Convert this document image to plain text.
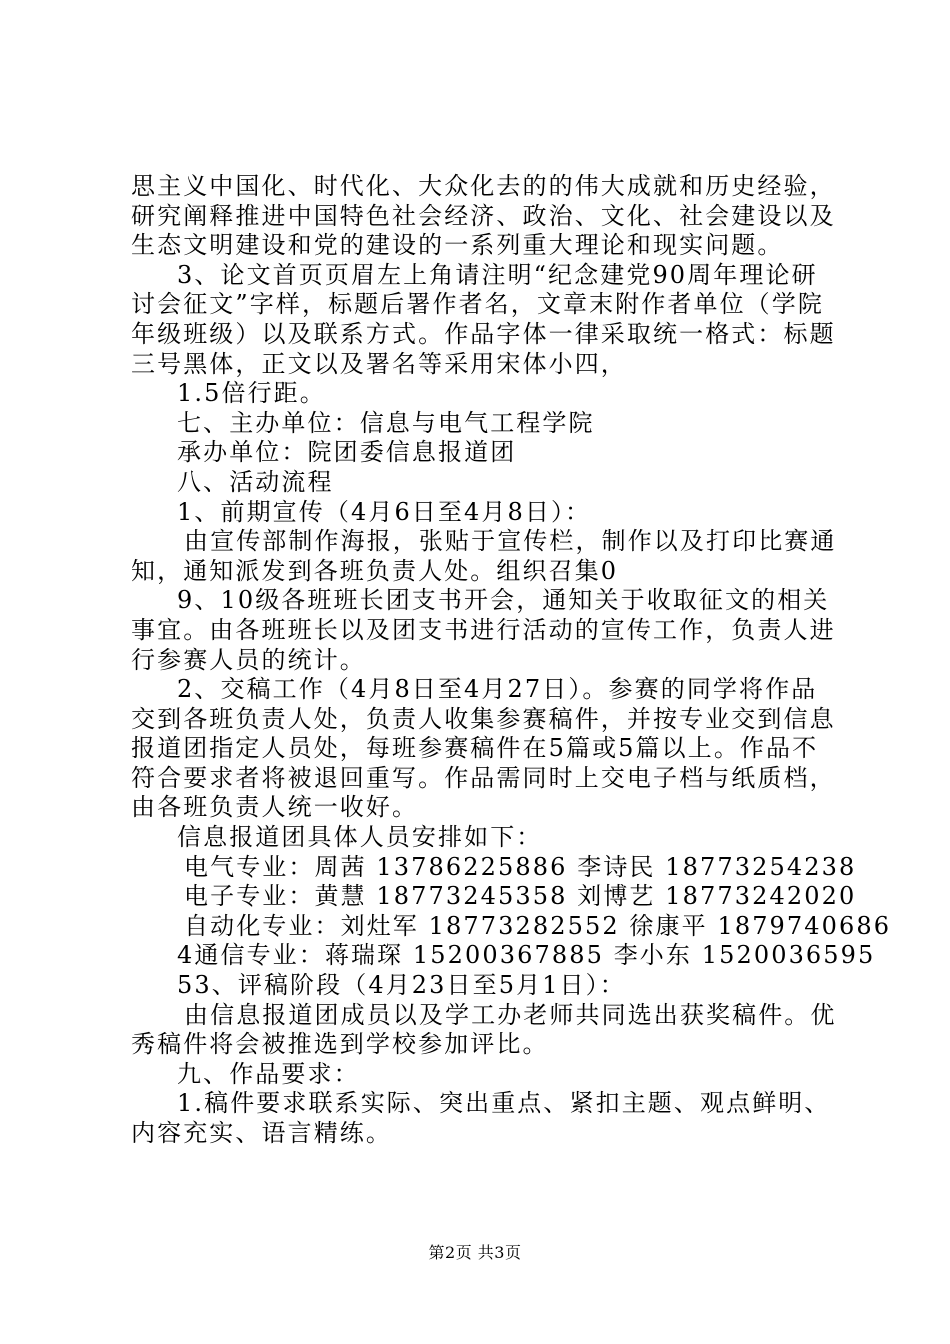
思主义中国化、时代化、大众化去的的伟大成就和历史经验，
研究阐释推进中国特色社会经济、政治、文化、社会建设以及
生态文明建设和党的建设的一系列重大理论和现实问题。
3、论文首页页眉左上角请注明“纪念建党90周年理论研
讨会征文”字样，标题后署作者名，文章末附作者单位（学院
年级班级）以及联系方式。作品字体一律采取统一格式：标题
三号黑体，正文以及署名等采用宋体小四，
1.5倍行距。
七、主办单位：信息与电气工程学院
承办单位：院团委信息报道团
八、活动流程
1、前期宣传（4月6日至4月8日）：
由宣传部制作海报，张贴于宣传栏，制作以及打印比赛通
知，通知派发到各班负责人处。组织召集0
9、10级各班班长团支书开会，通知关于收取征文的相关
事宜。由各班班长以及团支书进行活动的宣传工作，负责人进
行参赛人员的统计。
2、交稿工作（4月8日至4月27日）。参赛的同学将作品
交到各班负责人处，负责人收集参赛稿件，并按专业交到信息
报道团指定人员处，每班参赛稿件在5篇或5篇以上。作品不
符合要求者将被退回重写。作品需同时上交电子档与纸质档，
由各班负责人统一收好。
信息报道团具体人员安排如下：
电气专业：周茜 13786225886 李诗民 18773254238
电子专业：黄慧 18773245358 刘博艺 18773242020
自动化专业：刘灶军 18773282552 徐康平 1879740686
4通信专业：蒋瑞琛 15200367885 李小东 1520036595
53、评稿阶段（4月23日至5月1日）：
由信息报道团成员以及学工办老师共同选出获奖稿件。优
秀稿件将会被推选到学校参加评比。
九、作品要求：
1.稿件要求联系实际、突出重点、紧扣主题、观点鲜明、
内容充实、语言精练。
第2页 共3页
